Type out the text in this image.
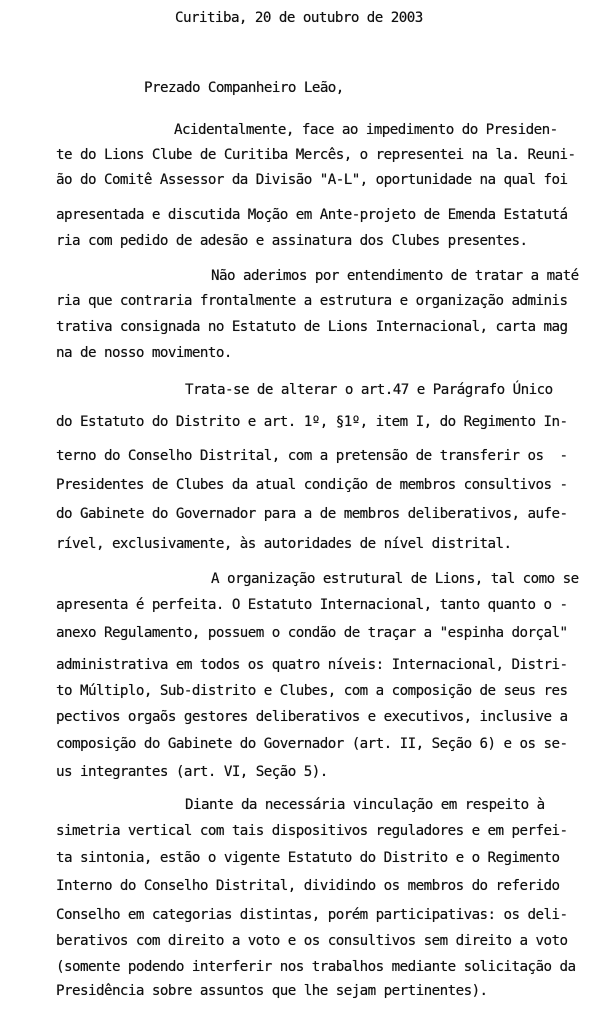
Curitiba, 20 de outubro de 2003
Prezado Companheiro Leão,
Acidentalmente, face ao impedimento do Presiden-
te do Lions Clube de Curitiba Mercês, o representei na la. Reuni-
ão do Comitê Assessor da Divisão "A-L", oportunidade na qual foi
apresentada e discutida Moção em Ante-projeto de Emenda Estatutá
ria com pedido de adesão e assinatura dos Clubes presentes.
Não aderimos por entendimento de tratar a maté
ria que contraria frontalmente a estrutura e organização adminis
trativa consignada no Estatuto de Lions Internacional, carta mag
na de nosso movimento.
Trata-se de alterar o art.47 e Parágrafo Único
do Estatuto do Distrito e art. 1º, §1º, item I, do Regimento In-
terno do Conselho Distrital, com a pretensão de transferir os  -
Presidentes de Clubes da atual condição de membros consultivos -
do Gabinete do Governador para a de membros deliberativos, aufe-
rível, exclusivamente, às autoridades de nível distrital.
A organização estrutural de Lions, tal como se
apresenta é perfeita. O Estatuto Internacional, tanto quanto o -
anexo Regulamento, possuem o condão de traçar a "espinha dorçal"
administrativa em todos os quatro níveis: Internacional, Distri-
to Múltiplo, Sub-distrito e Clubes, com a composição de seus res
pectivos orgaõs gestores deliberativos e executivos, inclusive a
composição do Gabinete do Governador (art. II, Seção 6) e os se-
us integrantes (art. VI, Seção 5).
Diante da necessária vinculação em respeito à
simetria vertical com tais dispositivos reguladores e em perfei-
ta sintonia, estão o vigente Estatuto do Distrito e o Regimento
Interno do Conselho Distrital, dividindo os membros do referido
Conselho em categorias distintas, porém participativas: os deli-
berativos com direito a voto e os consultivos sem direito a voto
(somente podendo interferir nos trabalhos mediante solicitação da
Presidência sobre assuntos que lhe sejam pertinentes).
